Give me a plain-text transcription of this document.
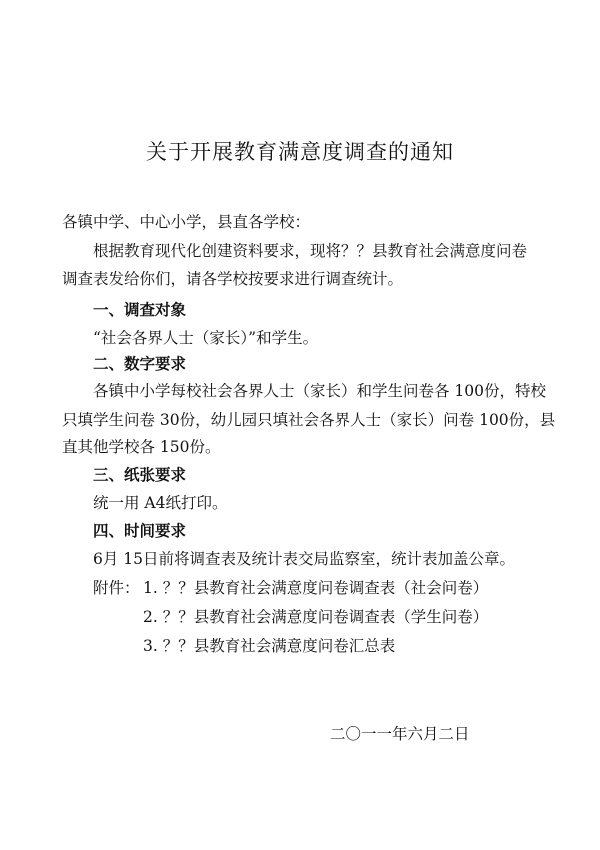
关于开展教育满意度调查的通知
各镇中学、中心小学，县直各学校：
根据教育现代化创建资料要求，现将？？县教育社会满意度问卷
调查表发给你们，请各学校按要求进行调查统计。
一、调查对象
“社会各界人士（家长）”和学生。
二、数字要求
各镇中小学每校社会各界人士（家长）和学生问卷各 100份，特校
只填学生问卷 30份，幼儿园只填社会各界人士（家长）问卷 100份，县
直其他学校各 150份。
三、纸张要求
统一用 A4纸打印。
四、时间要求
6月 15日前将调查表及统计表交局监察室，统计表加盖公章。
附件： 1. ？？县教育社会满意度问卷调查表（社会问卷）
2. ？？县教育社会满意度问卷调查表（学生问卷）
3. ？？县教育社会满意度问卷汇总表
二〇一一年六月二日
